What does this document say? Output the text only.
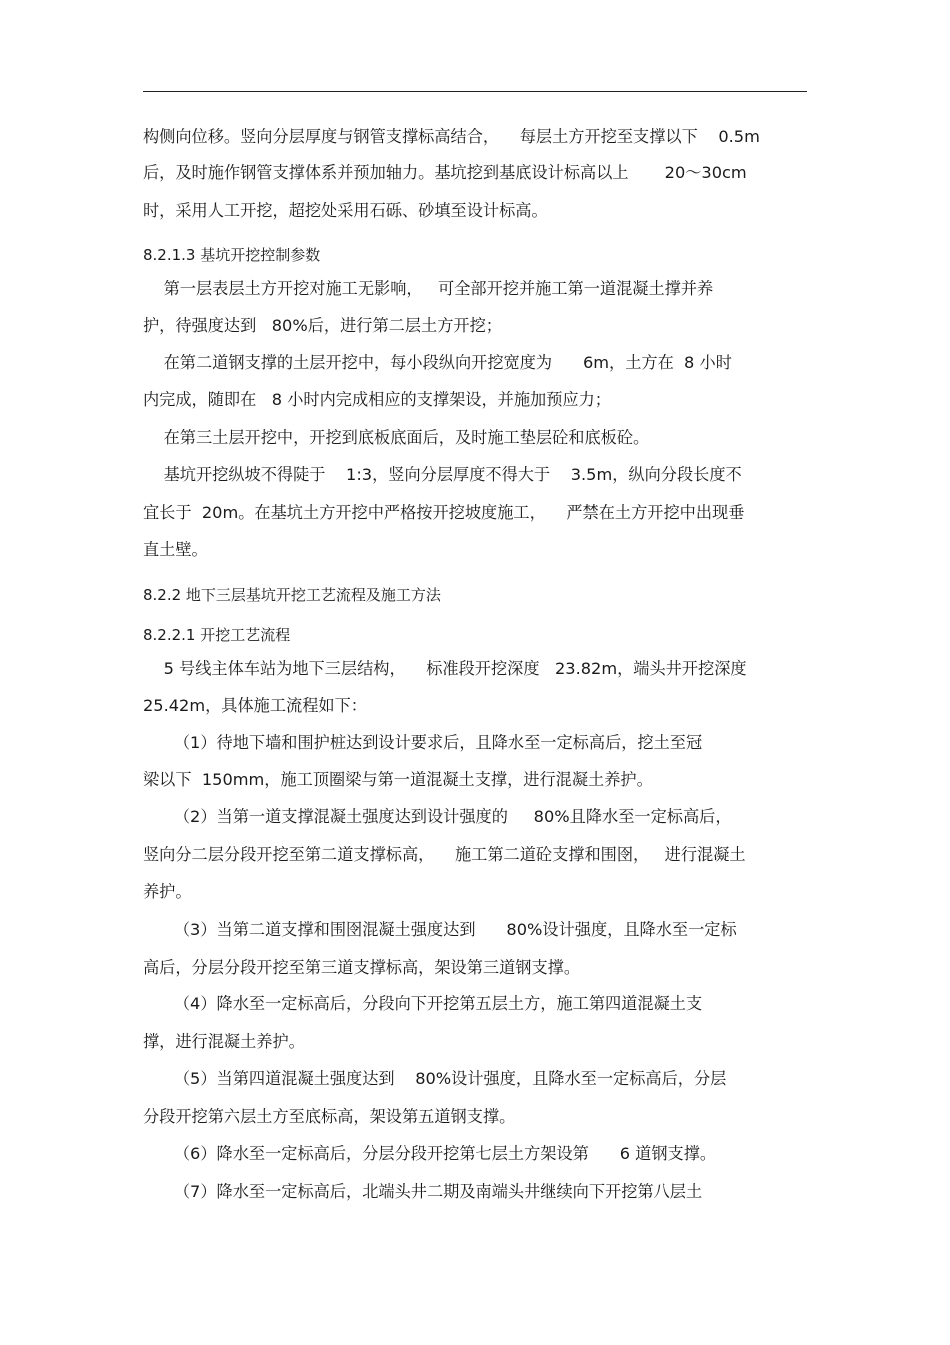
构侧向位移。竖向分层厚度与钢管支撑标高结合，    每层土方开挖至支撑以下    0.5m
后，及时施作钢管支撑体系并预加轴力。基坑挖到基底设计标高以上       20～30cm
时，采用人工开挖，超挖处采用石砾、砂填至设计标高。
8.2.1.3 基坑开挖控制参数
第一层表层土方开挖对施工无影响，   可全部开挖并施工第一道混凝土撑并养
护，待强度达到   80%后，进行第二层土方开挖；
在第二道钢支撑的土层开挖中，每小段纵向开挖宽度为      6m，土方在  8 小时
内完成，随即在   8 小时内完成相应的支撑架设，并施加预应力；
在第三土层开挖中，开挖到底板底面后，及时施工垫层砼和底板砼。
基坑开挖纵坡不得陡于    1:3，竖向分层厚度不得大于    3.5m，纵向分段长度不
宜长于  20m。在基坑土方开挖中严格按开挖坡度施工，    严禁在土方开挖中出现垂
直土壁。
8.2.2 地下三层基坑开挖工艺流程及施工方法
8.2.2.1 开挖工艺流程
5 号线主体车站为地下三层结构，    标准段开挖深度   23.82m，端头井开挖深度
25.42m，具体施工流程如下：
（1）待地下墙和围护桩达到设计要求后，且降水至一定标高后，挖土至冠
梁以下  150mm，施工顶圈梁与第一道混凝土支撑，进行混凝土养护。
（2）当第一道支撑混凝土强度达到设计强度的     80%且降水至一定标高后，
竖向分二层分段开挖至第二道支撑标高，    施工第二道砼支撑和围囹，   进行混凝土
养护。
（3）当第二道支撑和围囹混凝土强度达到      80%设计强度，且降水至一定标
高后，分层分段开挖至第三道支撑标高，架设第三道钢支撑。
（4）降水至一定标高后，分段向下开挖第五层土方，施工第四道混凝土支
撑，进行混凝土养护。
（5）当第四道混凝土强度达到    80%设计强度，且降水至一定标高后，分层
分段开挖第六层土方至底标高，架设第五道钢支撑。
（6）降水至一定标高后，分层分段开挖第七层土方架设第      6 道钢支撑。
（7）降水至一定标高后，北端头井二期及南端头井继续向下开挖第八层土
